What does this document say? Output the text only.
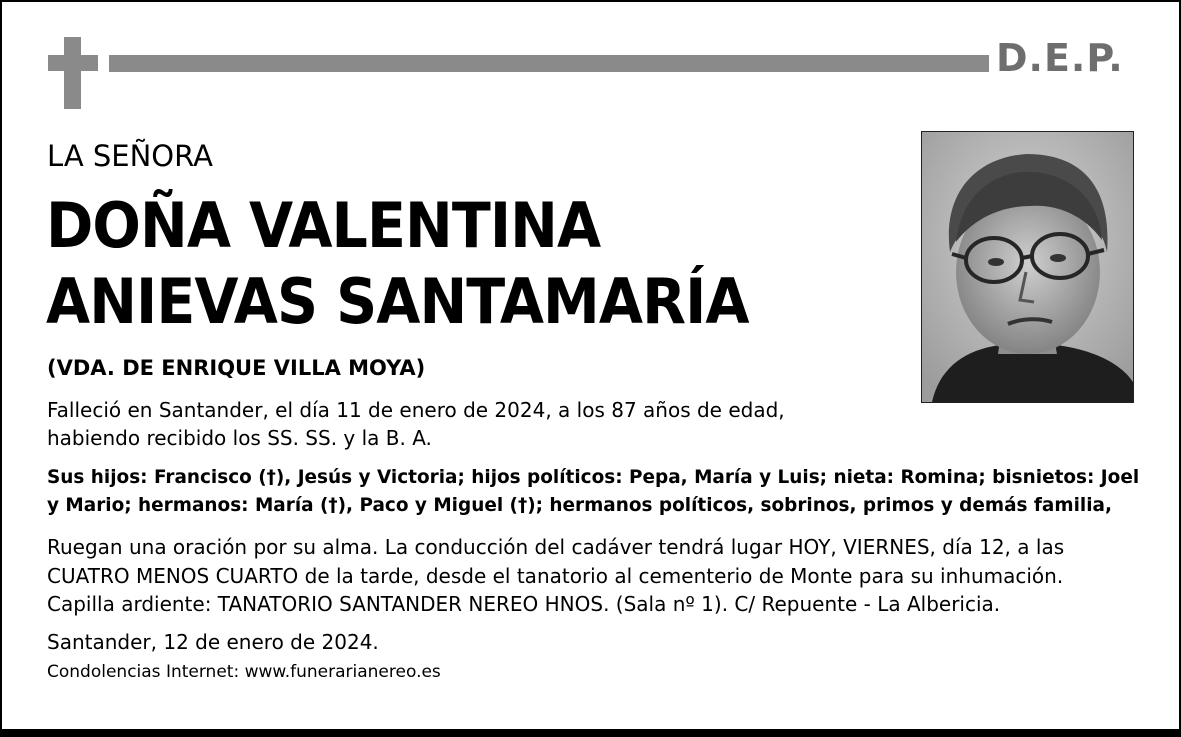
D.E.P.
LA SEÑORA
DOÑA VALENTINA
ANIEVAS SANTAMARÍA
(VDA. DE ENRIQUE VILLA MOYA)
Falleció en Santander, el día 11 de enero de 2024, a los 87 años de edad,
habiendo recibido los SS. SS. y la B. A.
Sus hijos: Francisco (†), Jesús y Victoria; hijos políticos: Pepa, María y Luis; nieta: Romina; bisnietos: Joel
y Mario; hermanos: María (†), Paco y Miguel (†); hermanos políticos, sobrinos, primos y demás familia,
Ruegan una oración por su alma. La conducción del cadáver tendrá lugar HOY, VIERNES, día 12, a las
CUATRO MENOS CUARTO de la tarde, desde el tanatorio al cementerio de Monte para su inhumación.
Capilla ardiente: TANATORIO SANTANDER NEREO HNOS. (Sala nº 1). C/ Repuente - La Albericia.
Santander, 12 de enero de 2024.
Condolencias Internet: www.funerarianereo.es
